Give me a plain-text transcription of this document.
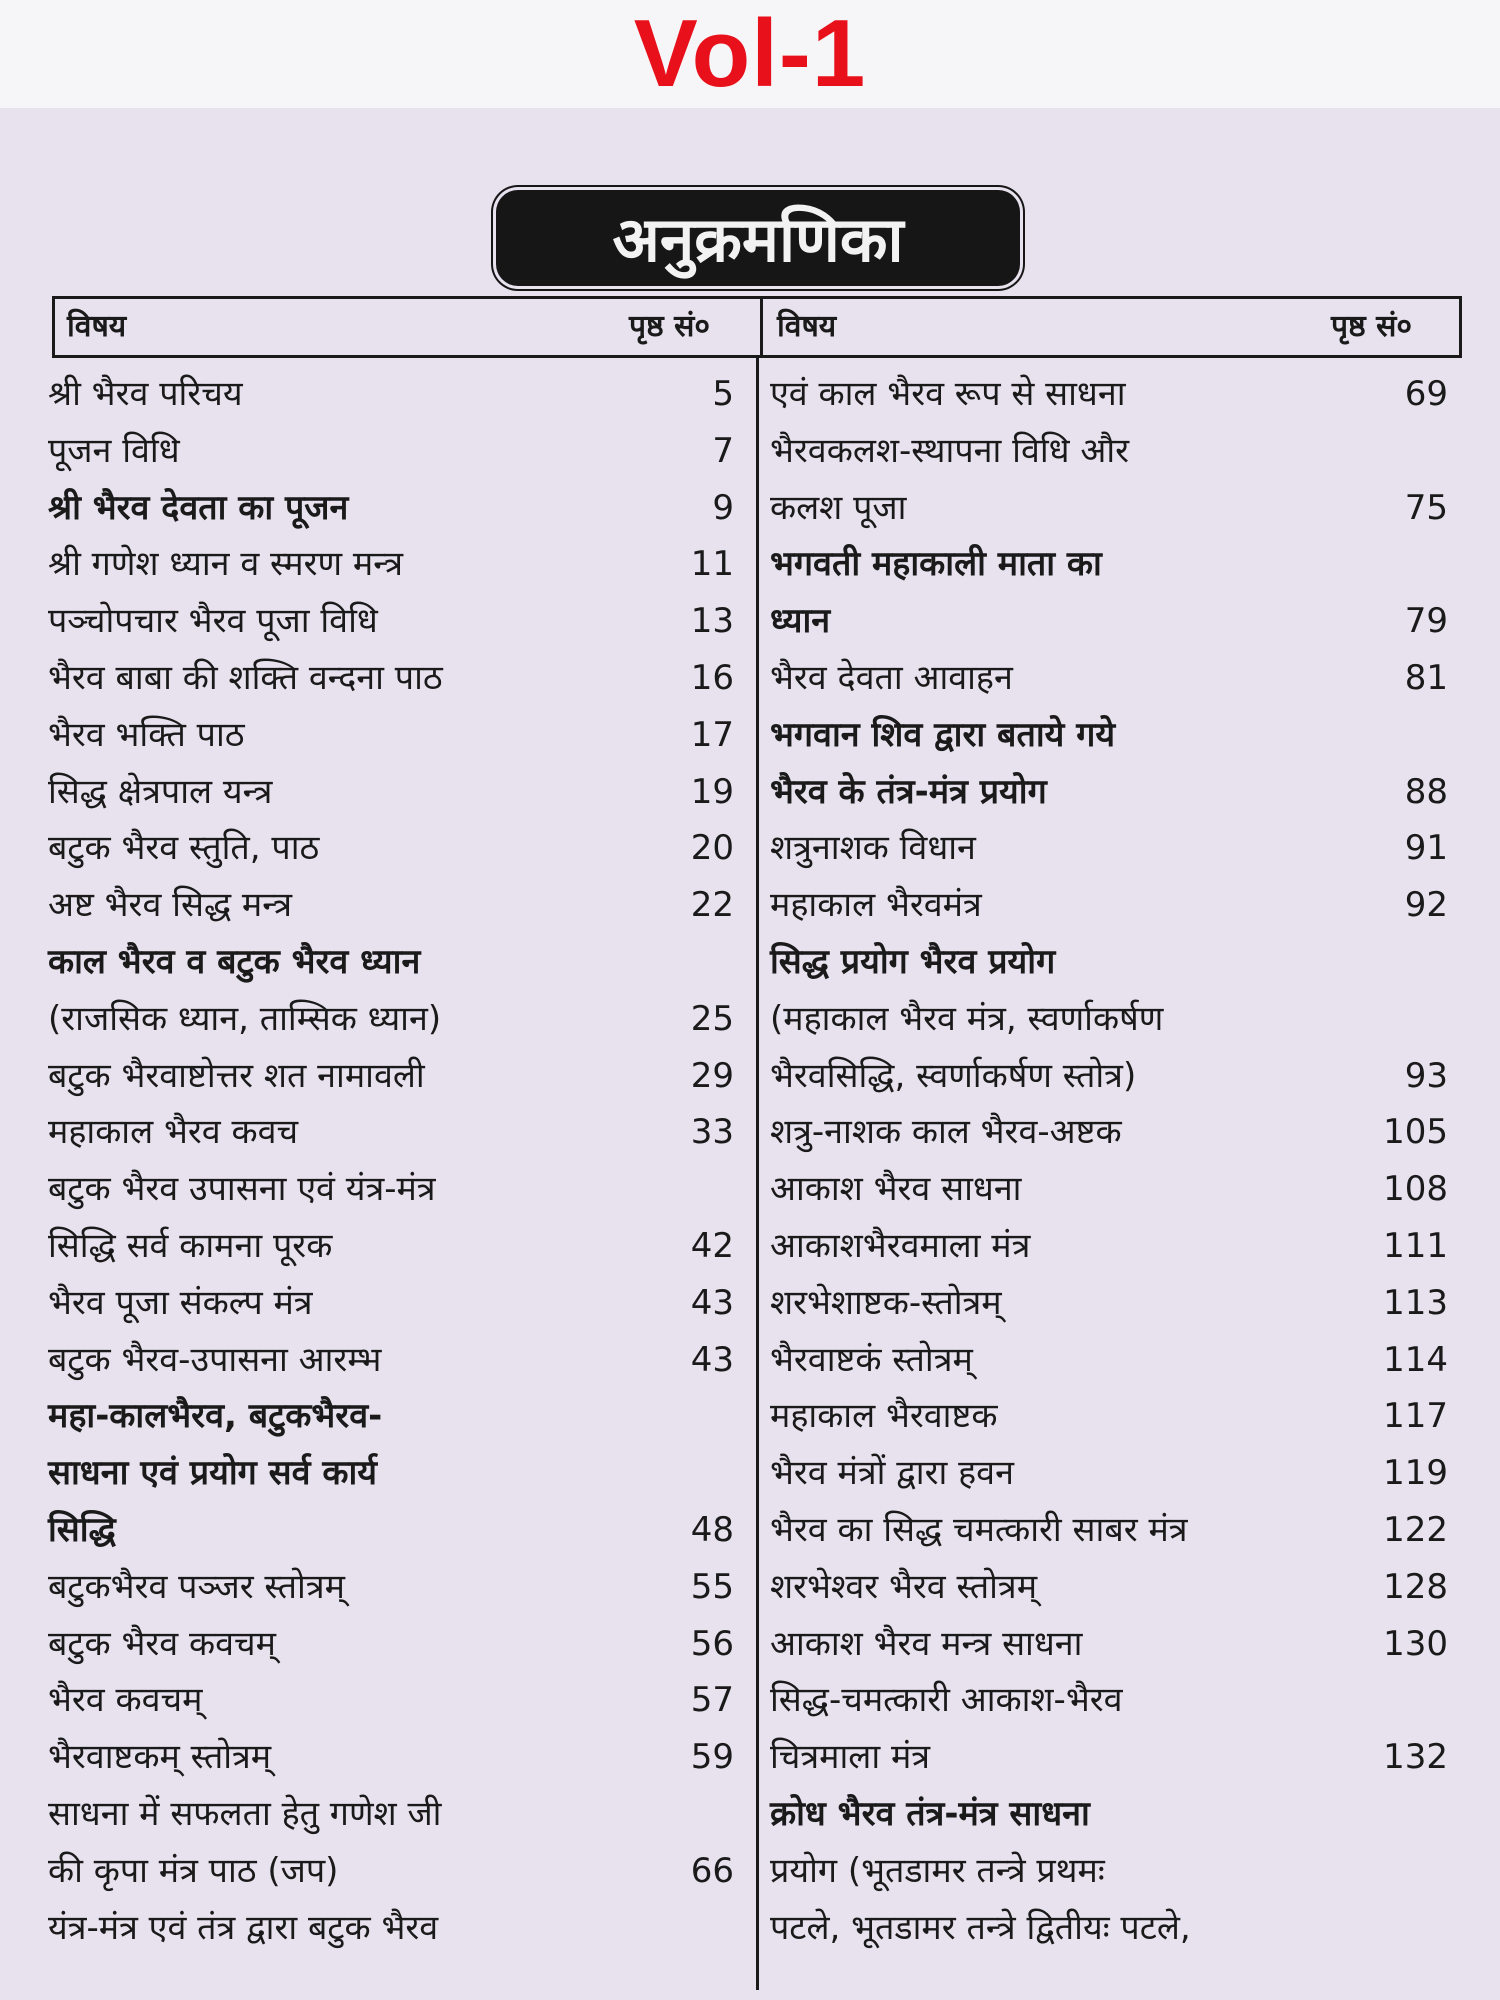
Vol-1
अनुक्रमणिका
विषय	पृष्ठ सं० विषय	पृष्ठ सं०
श्री भैरव परिचय	5
पूजन विधि	7
श्री भैरव देवता का पूजन	9
श्री गणेश ध्यान व स्मरण मन्त्र	11
पञ्चोपचार भैरव पूजा विधि	13
भैरव बाबा की शक्ति वन्दना पाठ	16
भैरव भक्ति पाठ	17
सिद्ध क्षेत्रपाल यन्त्र	19
बटुक भैरव स्तुति, पाठ	20
अष्ट भैरव सिद्ध मन्त्र	22
काल भैरव व बटुक भैरव ध्यान
(राजसिक ध्यान, ताम्सिक ध्यान)	25
बटुक भैरवाष्टोत्तर शत नामावली	29
महाकाल भैरव कवच	33
बटुक भैरव उपासना एवं यंत्र-मंत्र
सिद्धि सर्व कामना पूरक	42
भैरव पूजा संकल्प मंत्र	43
बटुक भैरव-उपासना आरम्भ	43
महा-कालभैरव, बटुकभैरव-
साधना एवं प्रयोग सर्व कार्य
सिद्धि	48
बटुकभैरव पञ्जर स्तोत्रम्	55
बटुक भैरव कवचम्	56
भैरव कवचम्	57
भैरवाष्टकम् स्तोत्रम्	59
साधना में सफलता हेतु गणेश जी
की कृपा मंत्र पाठ (जप)	66
यंत्र-मंत्र एवं तंत्र द्वारा बटुक भैरव
एवं काल भैरव रूप से साधना	69
भैरवकलश-स्थापना विधि और
कलश पूजा	75
भगवती महाकाली माता का
ध्यान	79
भैरव देवता आवाहन	81
भगवान शिव द्वारा बताये गये
भैरव के तंत्र-मंत्र प्रयोग	88
शत्रुनाशक विधान	91
महाकाल भैरवमंत्र	92
सिद्ध प्रयोग भैरव प्रयोग
(महाकाल भैरव मंत्र, स्वर्णाकर्षण
भैरवसिद्धि, स्वर्णाकर्षण स्तोत्र)	93
शत्रु-नाशक काल भैरव-अष्टक	105
आकाश भैरव साधना	108
आकाशभैरवमाला मंत्र	111
शरभेशाष्टक-स्तोत्रम्	113
भैरवाष्टकं स्तोत्रम्	114
महाकाल भैरवाष्टक	117
भैरव मंत्रों द्वारा हवन	119
भैरव का सिद्ध चमत्कारी साबर मंत्र	122
शरभेश्वर भैरव स्तोत्रम्	128
आकाश भैरव मन्त्र साधना	130
सिद्ध-चमत्कारी आकाश-भैरव
चित्रमाला मंत्र	132
क्रोध भैरव तंत्र-मंत्र साधना
प्रयोग (भूतडामर तन्त्रे प्रथमः
पटले, भूतडामर तन्त्रे द्वितीयः पटले,
